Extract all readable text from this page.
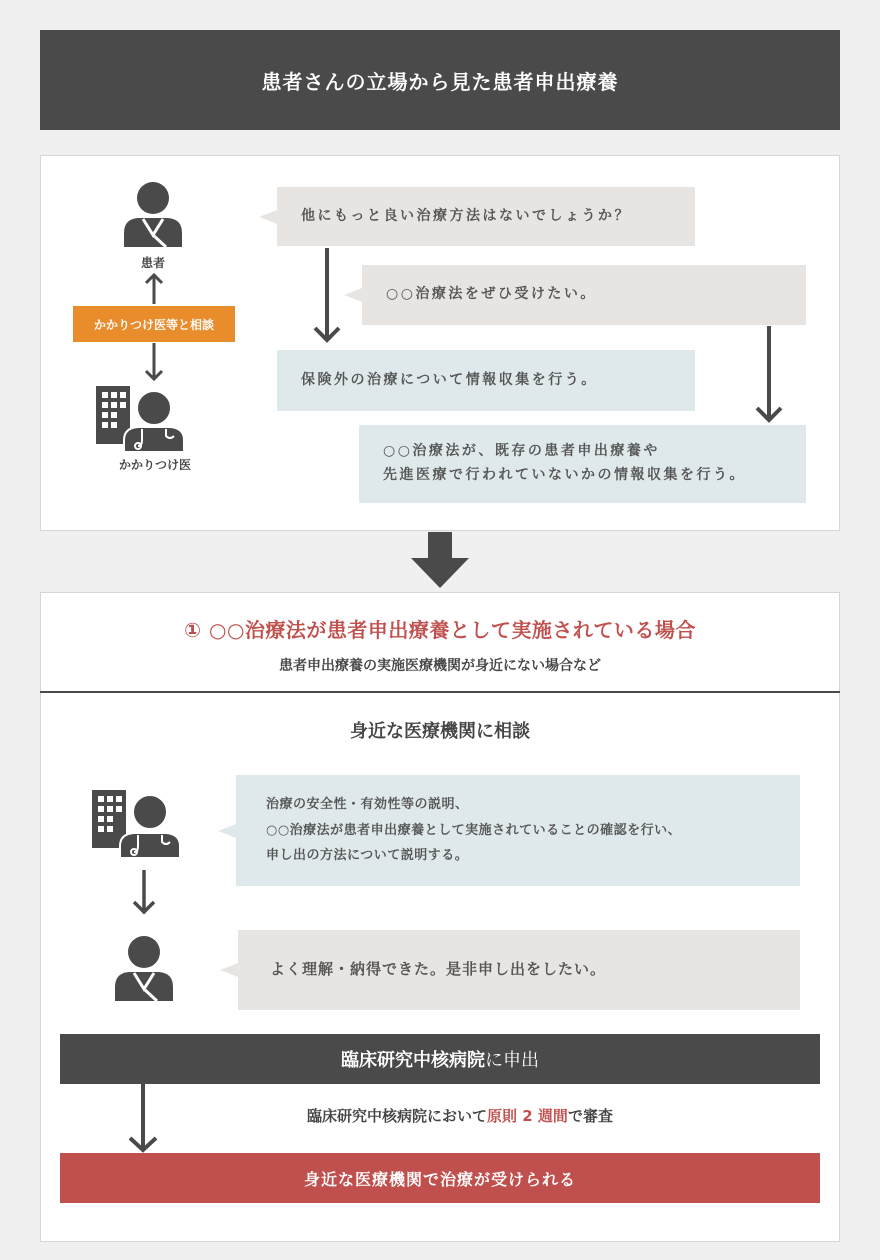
患者さんの立場から見た患者申出療養
患者
かかりつけ医等と相談
かかりつけ医
他にもっと良い治療方法はないでしょうか？
○○治療法をぜひ受けたい。
保険外の治療について情報収集を行う。
○○治療法が、既存の患者申出療養や
先進医療で行われていないかの情報収集を行う。
① ○○治療法が患者申出療養として実施されている場合
患者申出療養の実施医療機関が身近にない場合など
身近な医療機関に相談
治療の安全性・有効性等の説明、
○○治療法が患者申出療養として実施されていることの確認を行い、
申し出の方法について説明する。
よく理解・納得できた。是非申し出をしたい。
臨床研究中核病院 に申出
臨床研究中核病院において原則 2 週間で審査
身近な医療機関で治療が受けられる
